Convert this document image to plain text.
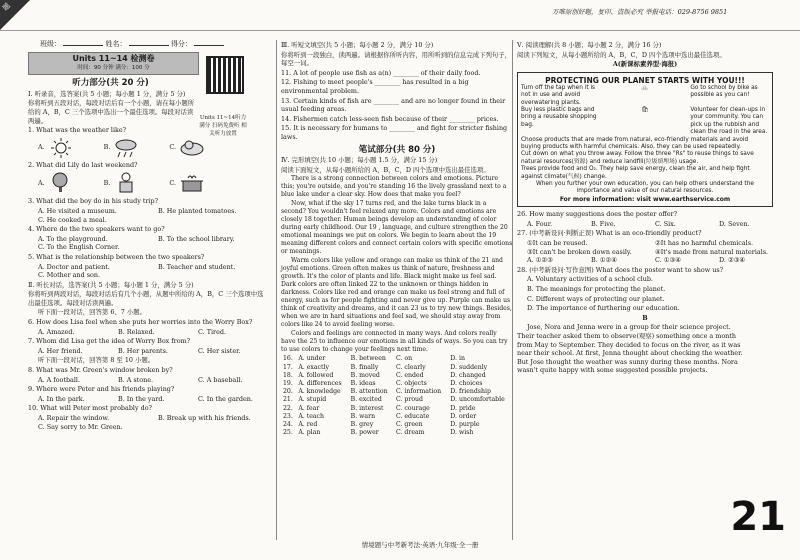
题	万唯原创好题，复印、盗版必究 举报电话：029-8756 9851
班级：	姓名：	得分：
Units 11~14 检测卷
时间：90 分钟 满分：100 分
听力部分(共 20 分)
Ⅰ. 听录音，选答案(共 5 小题；每小题 1 分，满分 5 分)
你将听到五段对话，每段对话后有一个小题，请在每小题所给的 A，B，C 三个选项中选出一个最佳选项。每段对话读两遍。
1. What was the weather like?
A.	B.	C.
2. What did Lily do last weekend?
A.	B.	C.
3. What did the boy do in his study trip?
A. He visited a museum.	B. He planted tomatoes.
C. He cooked a meal.
4. Where do the two speakers want to go?
A. To the playground.	B. To the school library.
C. To the English Corner.
5. What is the relationship between the two speakers?
A. Doctor and patient.	B. Teacher and student.
C. Mother and son.
Ⅱ. 听长对话，选答案(共 5 小题；每小题 1 分，满分 5 分)
你将听到两段对话，每段对话后有几个小题，从题中所给的 A，B，C 三个选项中选出最佳选项。每段对话读两遍。
听下面一段对话，回答第 6、7 小题。
6. How does Lisa feel when she puts her worries into the Worry Box?
A. Amazed.	B. Relaxed.	C. Tired.
7. Whom did Lisa get the idea of Worry Box from?
A. Her friend.	B. Her parents.	C. Her sister.
听下面一段对话，回答第 8 至 10 小题。
8. What was Mr. Green's window broken by?
A. A football.	B. A stone.	C. A baseball.
9. Where were Peter and his friends playing?
A. In the park.	B. In the yard.	C. In the garden.
10. What will Peter most probably do?
A. Repair the window.	B. Break up with his friends.
C. Say sorry to Mr. Green.
Units 11~14听力满分 扫码免费听 相关听力放置
Ⅲ. 听短文填空(共 5 小题；每小题 2 分，满分 10 分)
你将听到一段独白，读两遍。请根据你所听内容，用所听到的信息完成下列句子，每空一词。
11. A lot of people use fish as a(n) ________ of their daily food.
12. Fishing to meet people's ________ has resulted in a big environmental problem.
13. Certain kinds of fish are ________ and are no longer found in their usual feeding areas.
14. Fishermen catch less-seen fish because of their ________ prices.
15. It is necessary for humans to ________ and fight for stricter fishing laws.
笔试部分(共 80 分)
Ⅳ. 完形填空(共 10 小题；每小题 1.5 分，满分 15 分)
阅读下面短文，从每小题所给的 A，B，C，D 四个选项中选出最佳选项。
There is a strong connection between colors and emotions. Picture this; you're outside, and you're standing 16 the lively grassland next to a blue lake under a clear sky. How does that make you feel?
Now, what if the sky 17 turns red, and the lake turns black in a second? You wouldn't feel relaxed any more. Colors and emotions are closely 18 together. Human beings develop an understanding of color during early childhood. Our 19 , language, and culture strengthen the 20 emotional meanings we put on colors. We begin to learn about the 19 meaning different colors and connect certain colors with specific emotions or meanings.
Warm colors like yellow and orange can make us think of the 21 and joyful emotions. Green often makes us think of nature, freshness and growth. It's the color of plants and life. Black might make us feel sad. Dark colors are often linked 22 to the unknown or things hidden in darkness. Colors like red and orange can make us feel strong and full of energy, such as for people fighting and never give up. Purple can make us think of creativity and dreams, and it can 23 us to try new things. Besides, when we are in hard situations and feel sad, we should stay away from colors like 24 to avoid feeling worse.
Colors and feelings are connected in many ways. And colors really have the 25 to influence our emotions in all kinds of ways. So you can try to use colors to change your feelings next time.
16.	A. under	B. between	C. on	D. in
17.	A. exactly	B. finally	C. clearly	D. suddenly
18.	A. followed	B. moved	C. ended	D. changed
19.	A. differences	B. ideas	C. objects	D. choices
20.	A. knowledge	B. attention	C. information	D. friendship
21.	A. stupid	B. excited	C. proud	D. uncomfortable
22.	A. fear	B. interest	C. courage	D. pride
23.	A. teach	B. warn	C. educate	D. order
24.	A. red	B. grey	C. green	D. purple
25.	A. plan	B. power	C. dream	D. wish
Ⅴ. 阅读理解(共 8 小题；每小题 2 分，满分 16 分)
阅读下列短文，从每小题所给的 A，B，C，D 四个选项中选出最佳选项。
A(新课标素养型·海报)
PROTECTING OUR PLANET STARTS WITH YOU!!!
Turn off the tap when it is not in use and avoid overwatering plants.
🚲	Go to school by bike as possible as you can!
Buy less plastic bags and bring a reusable shopping bag.
🛍	Volunteer for clean-ups in your community. You can pick up the rubbish and clean the road in the area.
Choose products that are made from natural, eco-friendly materials and avoid buying products with harmful chemicals. Also, they can be used repeatedly.
Cut down on what you throw away. Follow the three "Rs" to reuse things to save natural resources(资源) and reduce landfill(垃圾填埋场) usage.
Trees provide food and O₂. They help save energy, clean the air, and help fight against climate(气候) change.
When you further your own education, you can help others understand the importance and value of our natural resources.
For more information: visit www.earthservice.com
26. How many suggestions does the poster offer?
A. Four.	B. Five.	C. Six.	D. Seven.
27. (中考新设问·判断正误) What is an eco-friendly product?
①It can be reused.	②It has no harmful chemicals.
③It can't be broken down easily.	④It's made from natural materials.
A. ①②③	B. ①②④	C. ①③④	D. ②③④
28. (中考新设问·写作意图) What does the poster want to show us?
A. Voluntary activities of a school club.
B. The meanings for protecting the planet.
C. Different ways of protecting our planet.
D. The importance of furthering our education.
B
Jose, Nora and Jenna were in a group for their science project. Their teacher asked them to observe(观察) something once a month from May to September. They decided to focus on the river, as it was near their school. At first, Jenna thought about checking the weather. But Jose thought the weather was sunny during these months. Nora wasn't quite happy with some suggested possible projects.
21
情境题与中考新考法·英语·九年级·全一册
